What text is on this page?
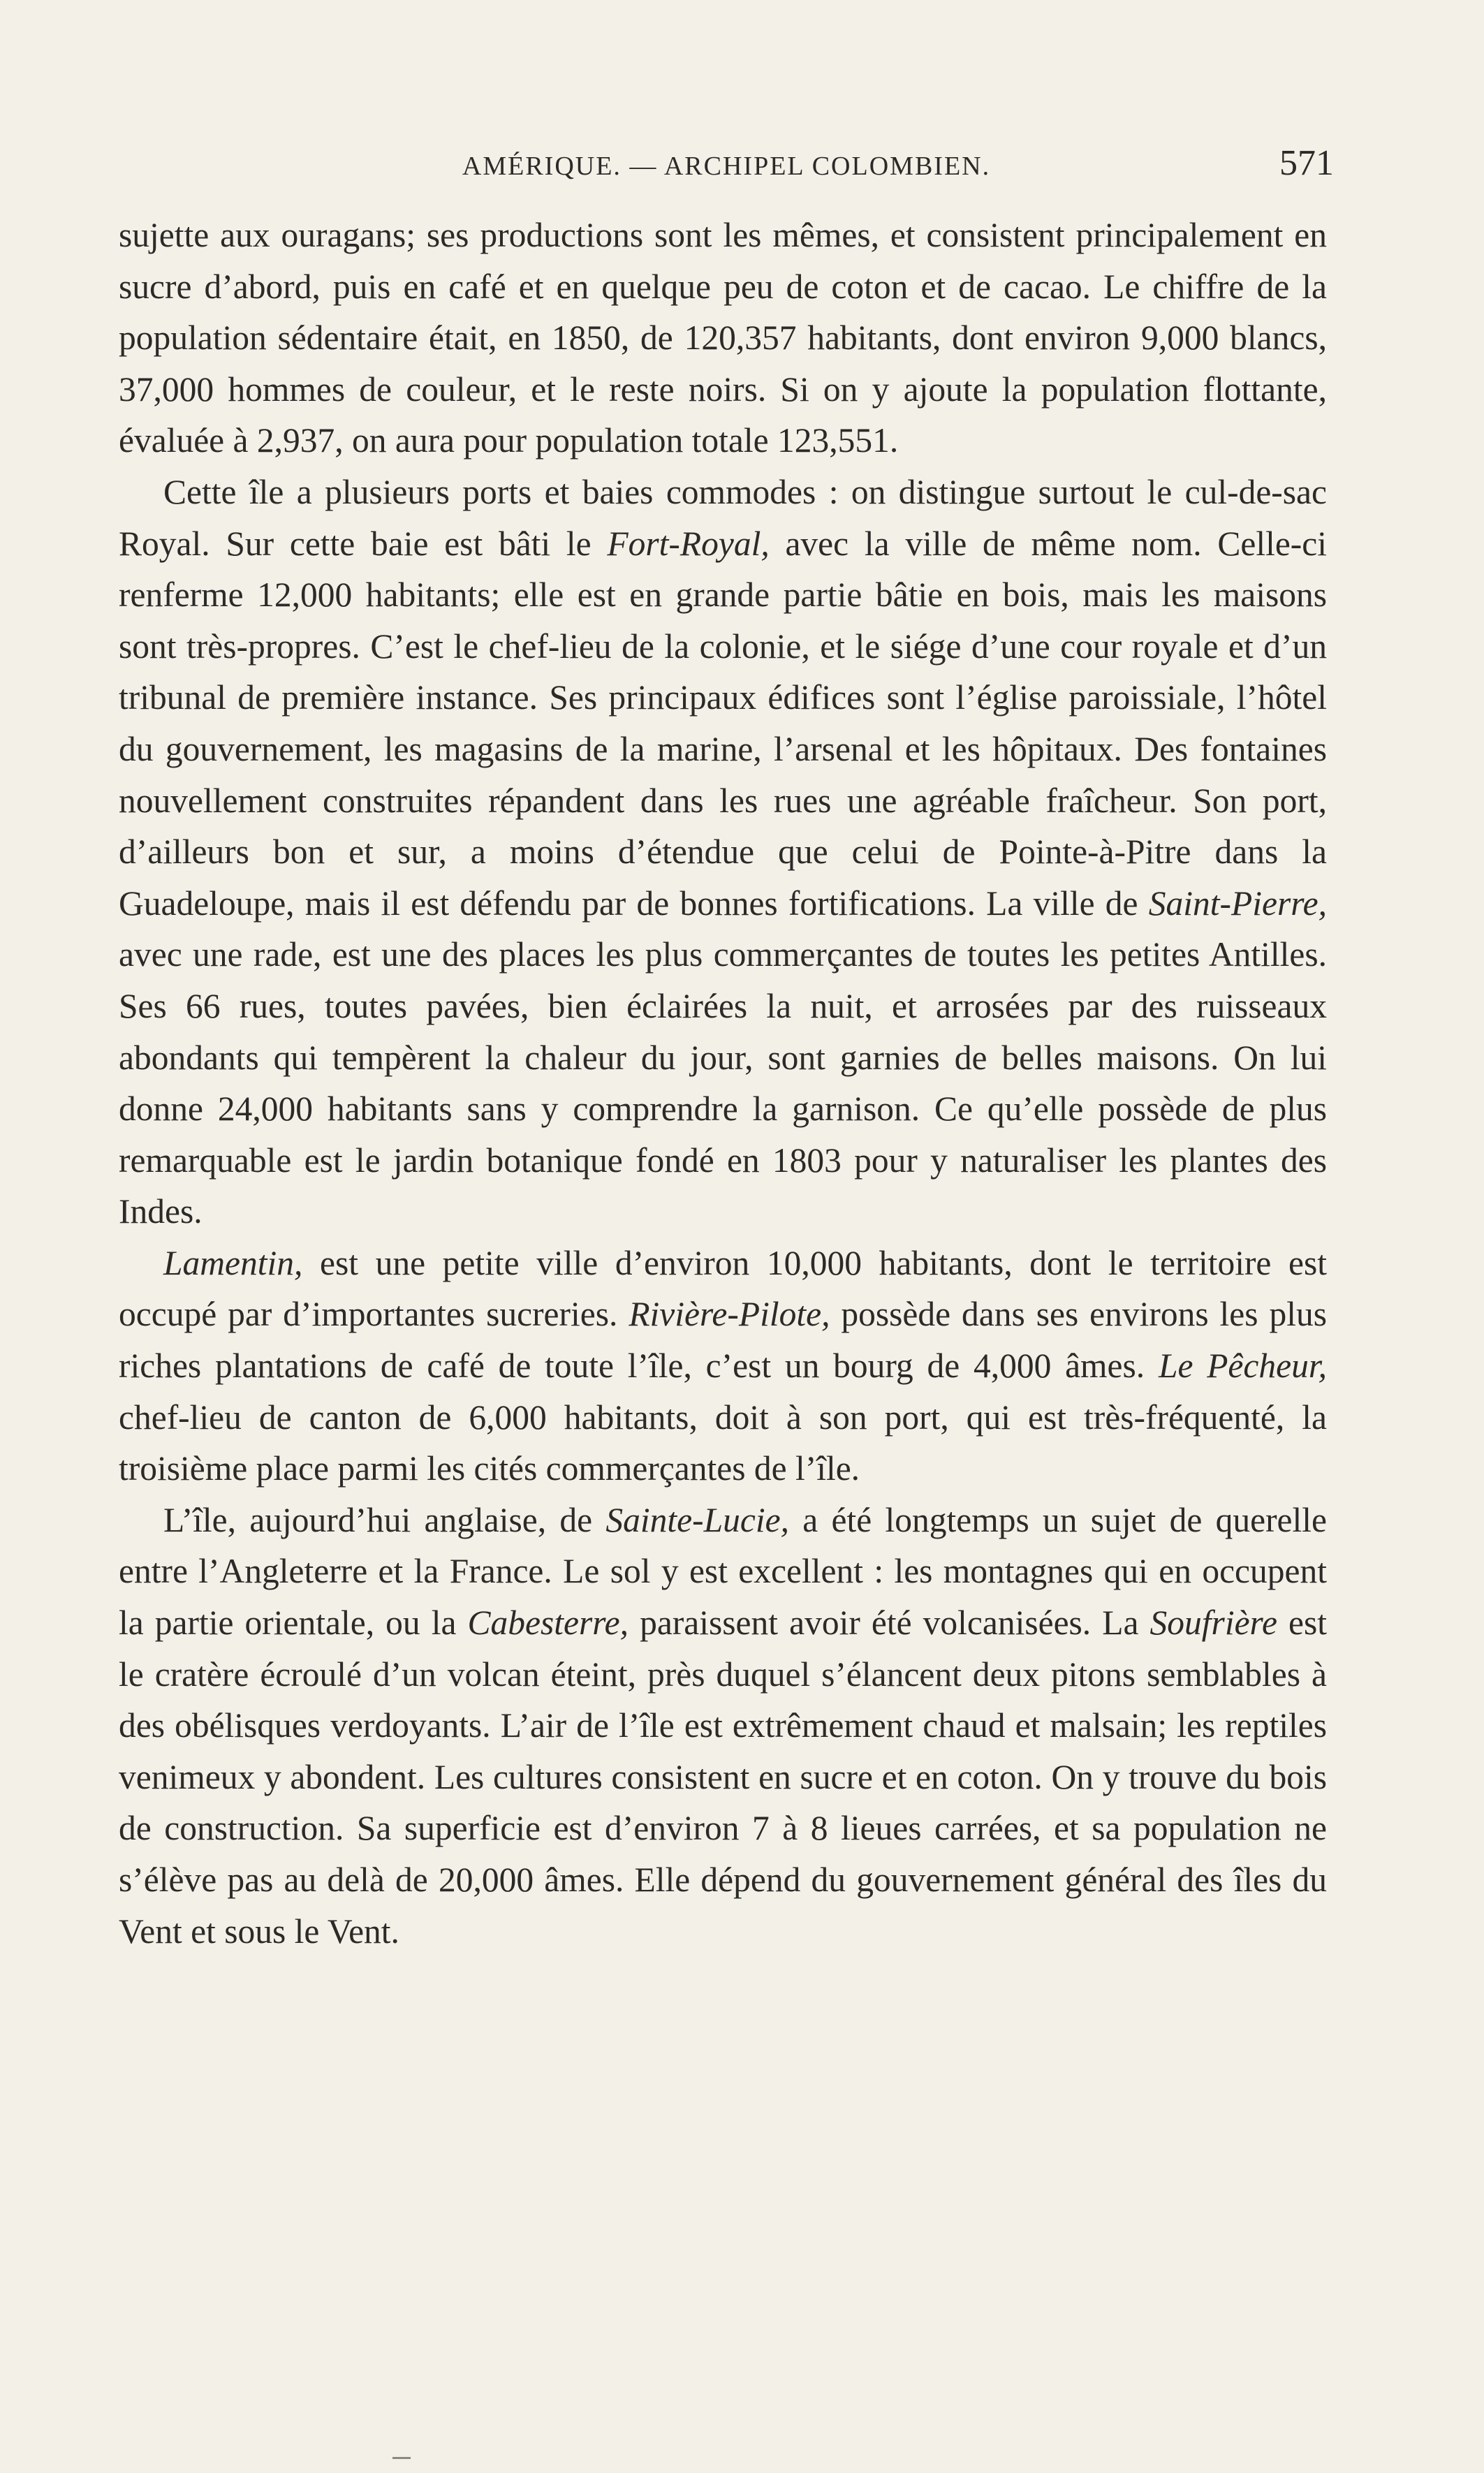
AMÉRIQUE. — ARCHIPEL COLOMBIEN.	571

sujette aux ouragans; ses productions sont les mêmes, et consistent principalement en sucre d’abord, puis en café et en quelque peu de coton et de cacao. Le chiffre de la population sédentaire était, en 1850, de 120,357 habitants, dont environ 9,000 blancs, 37,000 hommes de couleur, et le reste noirs. Si on y ajoute la population flottante, évaluée à 2,937, on aura pour population totale 123,551.

Cette île a plusieurs ports et baies commodes : on distingue surtout le cul-de-sac Royal. Sur cette baie est bâti le Fort-Royal, avec la ville de même nom. Celle-ci renferme 12,000 habitants; elle est en grande partie bâtie en bois, mais les maisons sont très-propres. C’est le chef-lieu de la colonie, et le siége d’une cour royale et d’un tribunal de première instance. Ses principaux édifices sont l’église paroissiale, l’hôtel du gouvernement, les magasins de la marine, l’arsenal et les hôpitaux. Des fontaines nouvellement construites répandent dans les rues une agréable fraîcheur. Son port, d’ailleurs bon et sur, a moins d’étendue que celui de Pointe-à-Pitre dans la Guadeloupe, mais il est défendu par de bonnes fortifications. La ville de Saint-Pierre, avec une rade, est une des places les plus commerçantes de toutes les petites Antilles. Ses 66 rues, toutes pavées, bien éclairées la nuit, et arrosées par des ruisseaux abondants qui tempèrent la chaleur du jour, sont garnies de belles maisons. On lui donne 24,000 habitants sans y comprendre la garnison. Ce qu’elle possède de plus remarquable est le jardin botanique fondé en 1803 pour y naturaliser les plantes des Indes.

Lamentin, est une petite ville d’environ 10,000 habitants, dont le territoire est occupé par d’importantes sucreries. Rivière-Pilote, possède dans ses environs les plus riches plantations de café de toute l’île, c’est un bourg de 4,000 âmes. Le Pêcheur, chef-lieu de canton de 6,000 habitants, doit à son port, qui est très-fréquenté, la troisième place parmi les cités commerçantes de l’île.

L’île, aujourd’hui anglaise, de Sainte-Lucie, a été longtemps un sujet de querelle entre l’Angleterre et la France. Le sol y est excellent : les montagnes qui en occupent la partie orientale, ou la Cabesterre, paraissent avoir été volcanisées. La Soufrière est le cratère écroulé d’un volcan éteint, près duquel s’élancent deux pitons semblables à des obélisques verdoyants. L’air de l’île est extrêmement chaud et malsain; les reptiles venimeux y abondent. Les cultures consistent en sucre et en coton. On y trouve du bois de construction. Sa superficie est d’environ 7 à 8 lieues carrées, et sa population ne s’élève pas au delà de 20,000 âmes. Elle dépend du gouvernement général des îles du Vent et sous le Vent.
